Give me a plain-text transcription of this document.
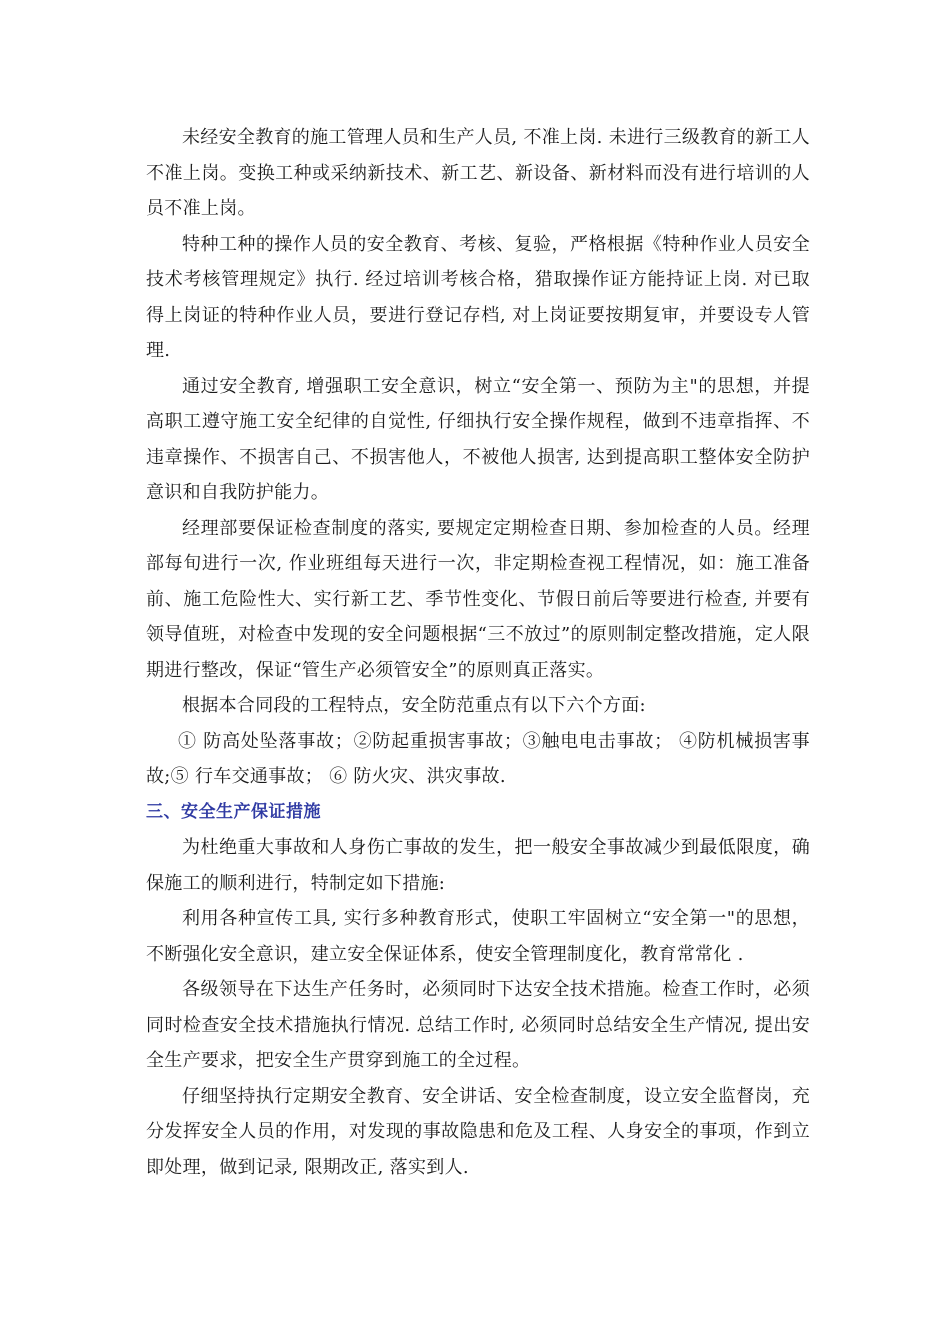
未经安全教育的施工管理人员和生产人员, 不准上岗. 未进行三级教育的新工人不准上岗。变换工种或采纳新技术、新工艺、新设备、新材料而没有进行培训的人员不准上岗。

特种工种的操作人员的安全教育、考核、复验，严格根据《特种作业人员安全技术考核管理规定》执行. 经过培训考核合格，猎取操作证方能持证上岗. 对已取得上岗证的特种作业人员，要进行登记存档, 对上岗证要按期复审，并要设专人管理.

通过安全教育, 增强职工安全意识，树立“安全第一、预防为主"的思想，并提高职工遵守施工安全纪律的自觉性, 仔细执行安全操作规程，做到不违章指挥、不违章操作、不损害自己、不损害他人，不被他人损害, 达到提高职工整体安全防护意识和自我防护能力。

经理部要保证检查制度的落实, 要规定定期检查日期、参加检查的人员。经理部每旬进行一次, 作业班组每天进行一次，非定期检查视工程情况，如：施工准备前、施工危险性大、实行新工艺、季节性变化、节假日前后等要进行检查, 并要有领导值班，对检查中发现的安全问题根据“三不放过”的原则制定整改措施，定人限期进行整改，保证“管生产必须管安全”的原则真正落实。

根据本合同段的工程特点，安全防范重点有以下六个方面:

① 防高处坠落事故；②防起重损害事故；③触电电击事故； ④防机械损害事故;⑤ 行车交通事故； ⑥ 防火灾、洪灾事故.

三、安全生产保证措施

为杜绝重大事故和人身伤亡事故的发生，把一般安全事故减少到最低限度，确保施工的顺利进行，特制定如下措施:

利用各种宣传工具, 实行多种教育形式，使职工牢固树立“安全第一"的思想，不断强化安全意识，建立安全保证体系，使安全管理制度化，教育常常化 .

各级领导在下达生产任务时，必须同时下达安全技术措施。检查工作时，必须同时检查安全技术措施执行情况. 总结工作时, 必须同时总结安全生产情况, 提出安全生产要求，把安全生产贯穿到施工的全过程。

仔细坚持执行定期安全教育、安全讲话、安全检查制度，设立安全监督岗，充分发挥安全人员的作用，对发现的事故隐患和危及工程、人身安全的事项，作到立即处理，做到记录, 限期改正, 落实到人.
